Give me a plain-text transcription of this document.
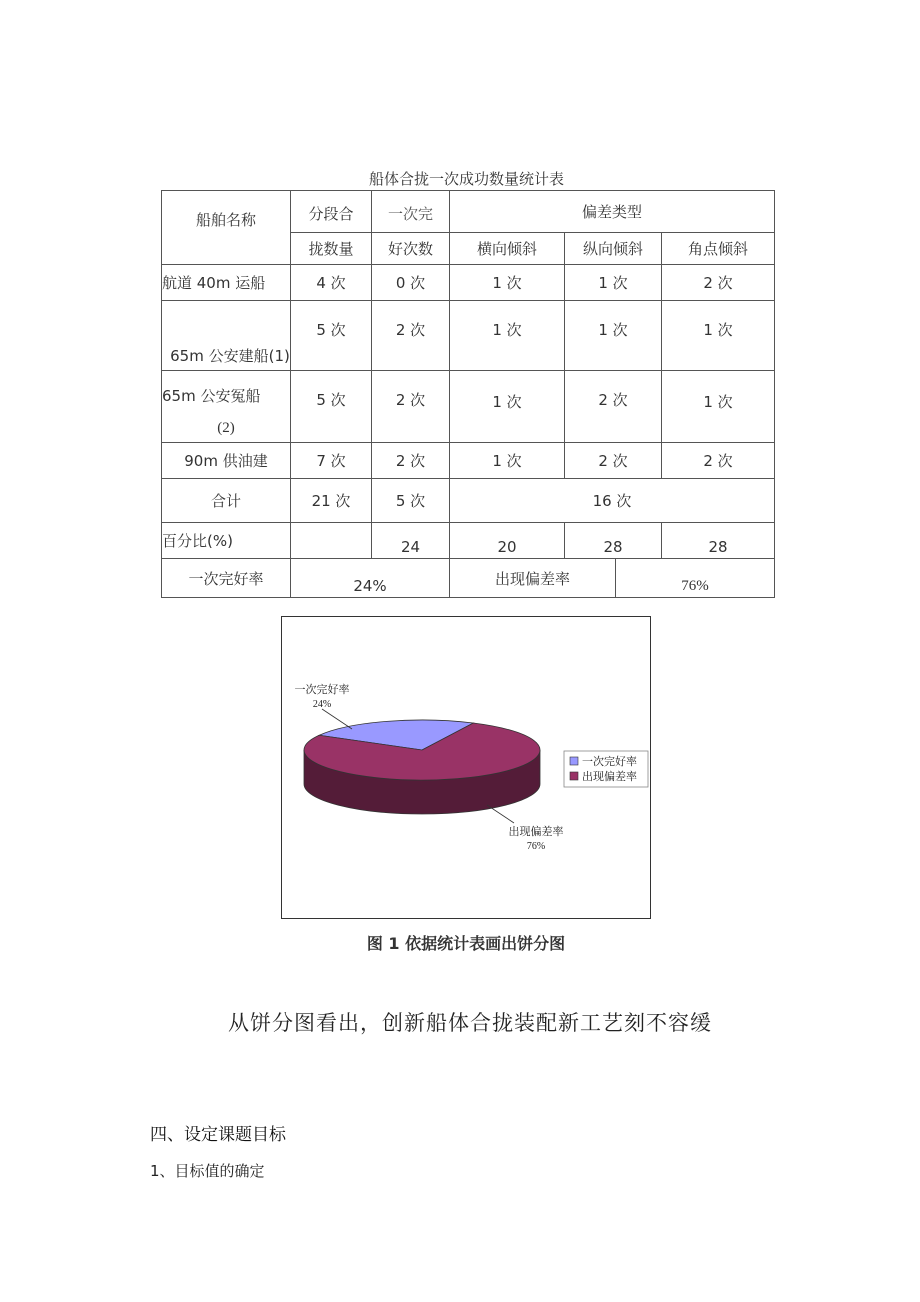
船体合拢一次成功数量统计表
船舶名称	分段合	一次完	偏差类型		
	拢数量	好次数	横向倾斜	纵向倾斜	角点倾斜
航道 40m 运船	4 次	0 次	1 次	1 次	2 次
65m 公安建船(1)	5 次	2 次	1 次	1 次	1 次

65m 公安冤船
(2)	5 次	2 次	1 次	2 次	1 次
90m 供油建	7 次	2 次	1 次	2 次	2 次
合计	21 次	5 次	16 次		
百分比(%)		24	20	28	28
一次完好率	24%		出现偏差率 76%		
一次完好率
24%
出现偏差率
76%
一次完好率
出现偏差率
图 1 依据统计表画出饼分图
从饼分图看出，创新船体合拢装配新工艺刻不容缓
四、设定课题目标
1、目标值的确定
